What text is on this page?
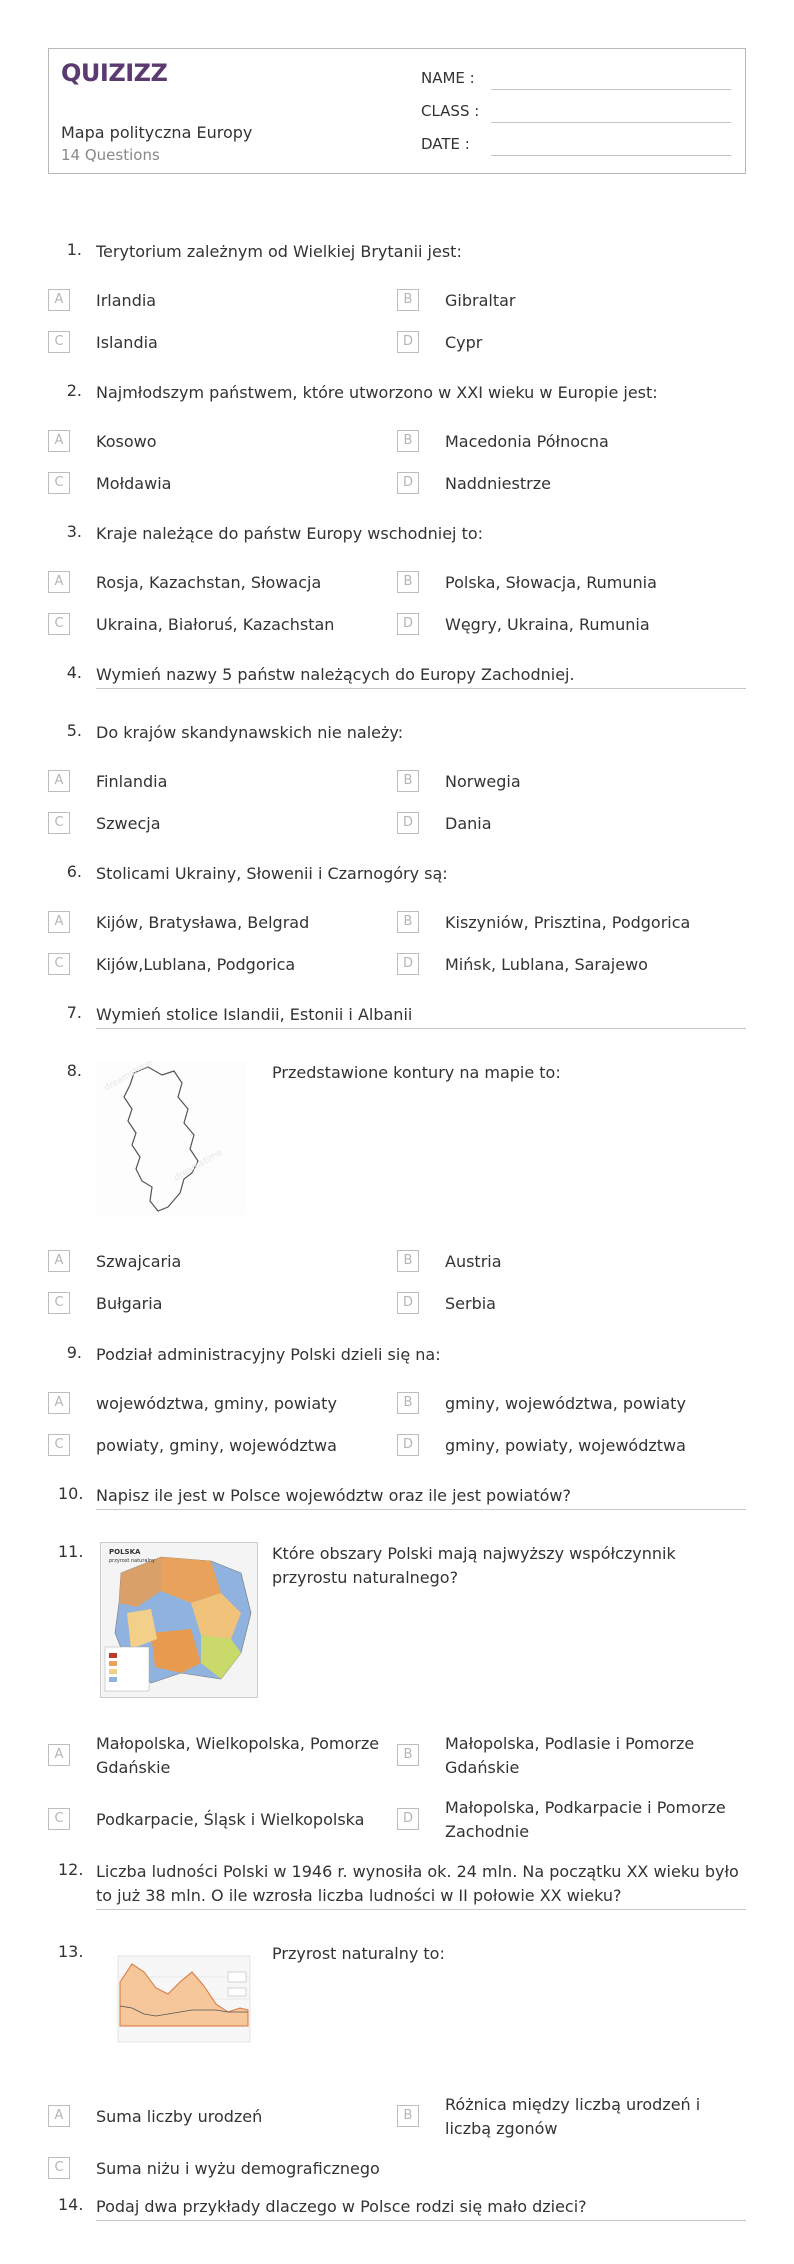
QUIZIZZ
Mapa polityczna Europy
14 Questions
NAME :
CLASS :
DATE :
1. Terytorium zależnym od Wielkiej Brytanii jest:
A	Irlandia	B	Gibraltar
C	Islandia	D	Cypr
2. Najmłodszym państwem, które utworzono w XXI wieku w Europie jest:
A	Kosowo	B	Macedonia Północna
C	Mołdawia	D	Naddniestrze
3. Kraje należące do państw Europy wschodniej to:
A	Rosja, Kazachstan, Słowacja	B	Polska, Słowacja, Rumunia
C	Ukraina, Białoruś, Kazachstan	D	Węgry, Ukraina, Rumunia
4. Wymień nazwy 5 państw należących do Europy Zachodniej.
5. Do krajów skandynawskich nie należy:
A	Finlandia	B	Norwegia
C	Szwecja	D	Dania
6. Stolicami Ukrainy, Słowenii i Czarnogóry są:
A	Kijów, Bratysława, Belgrad	B	Kiszyniów, Prisztina, Podgorica
C	Kijów,Lublana, Podgorica	D	Mińsk, Lublana, Sarajewo
7. Wymień stolice Islandii, Estonii i Albanii
8. dreamstime
dreamstime
Przedstawione kontury na mapie to:
A	Szwajcaria	B	Austria
C	Bułgaria	D	Serbia
9. Podział administracyjny Polski dzieli się na:
A	województwa, gminy, powiaty	B	gminy, województwa, powiaty
C	powiaty, gminy, województwa	D	gminy, powiaty, województwa
10. Napisz ile jest w Polsce województw oraz ile jest powiatów?
11.	POLSKA
przyrost naturalny	Które obszary Polski mają najwyższy współczynnik przyrostu naturalnego?
A
Małopolska, Wielkopolska, Pomorze Gdańskie
B
Małopolska, Podlasie i Pomorze Gdańskie
C	Podkarpacie, Śląsk i Wielkopolska	D
Małopolska, Podkarpacie i Pomorze Zachodnie
12. Liczba ludności Polski w 1946 r. wynosiła ok. 24 mln. Na początku XX wieku było to już 38 mln. O ile wzrosła liczba ludności w II połowie XX wieku?
13.	Przyrost naturalny to:
A	Suma liczby urodzeń	B
Różnica między liczbą urodzeń i liczbą zgonów
C	Suma niżu i wyżu demograficznego
14. Podaj dwa przykłady dlaczego w Polsce rodzi się mało dzieci?
